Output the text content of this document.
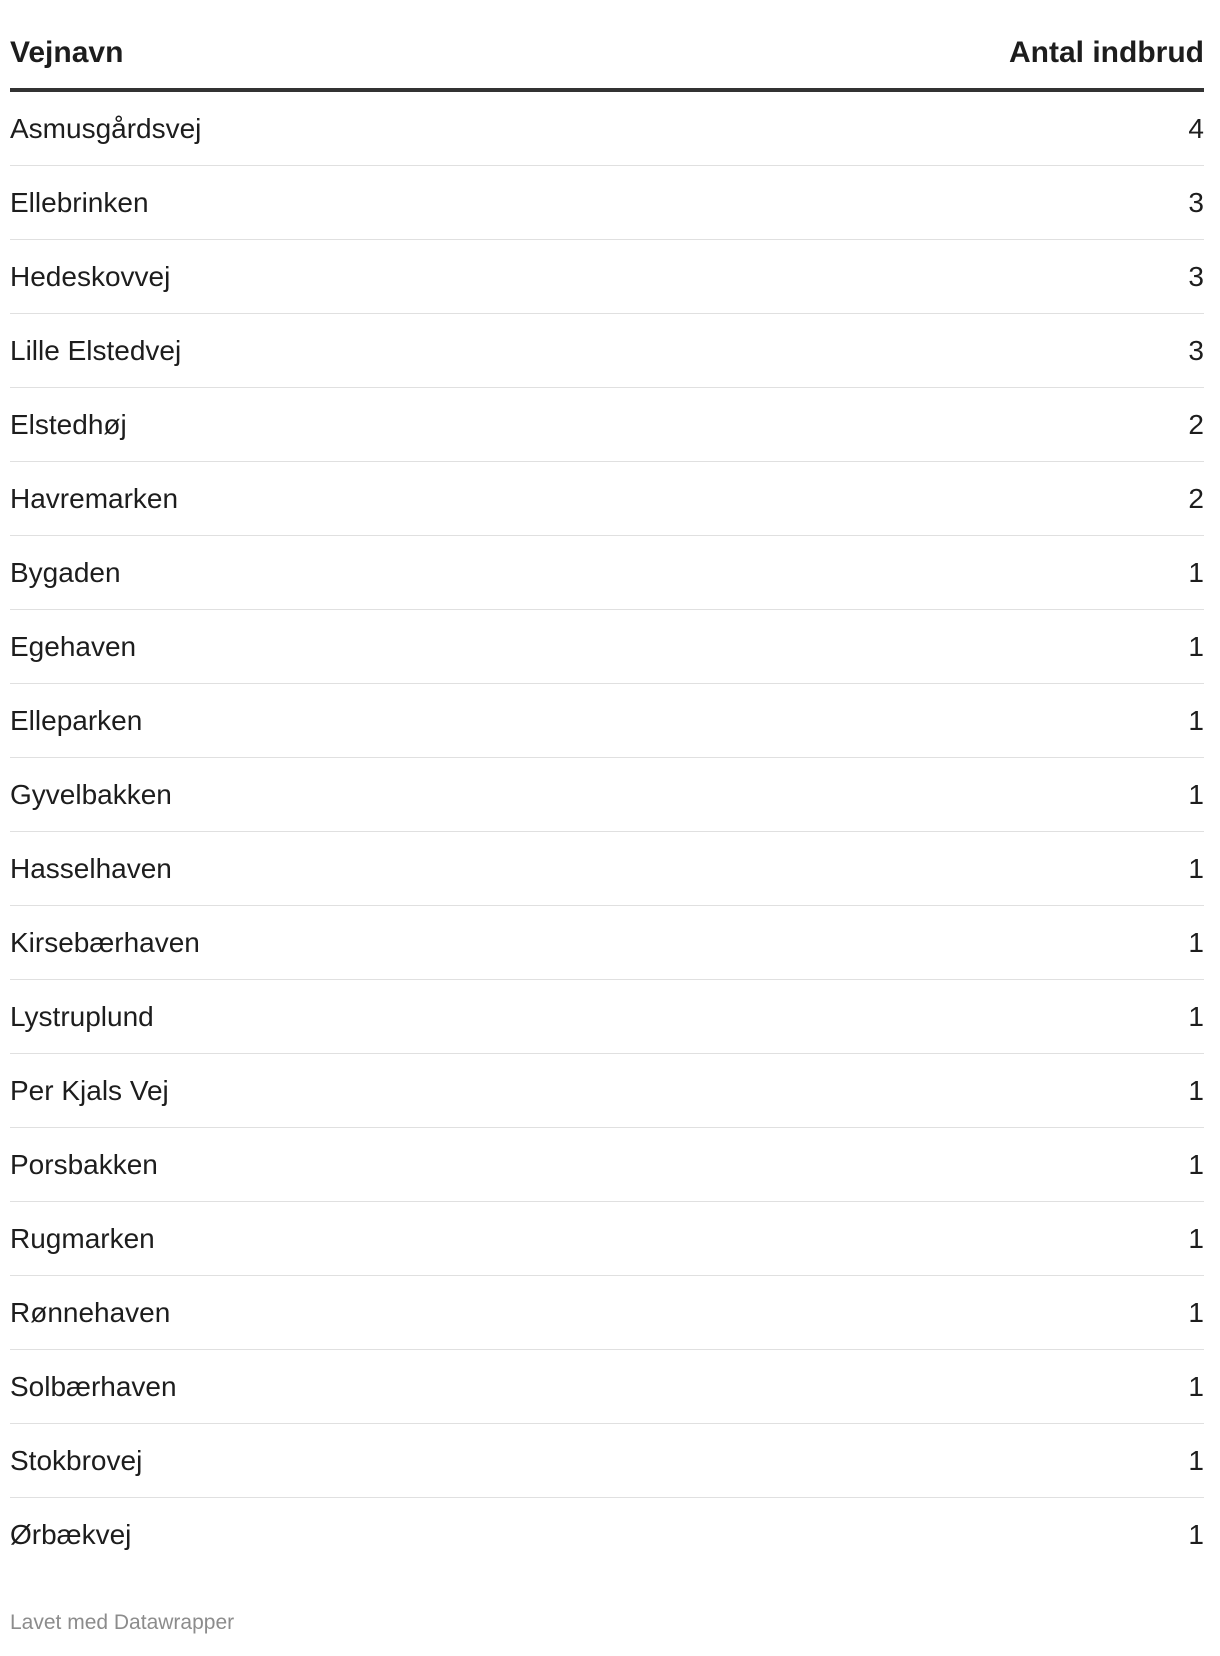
Vejnavn	Antal indbrud
Asmusgårdsvej	4
Ellebrinken	3
Hedeskovvej	3
Lille Elstedvej	3
Elstedhøj	2
Havremarken	2
Bygaden	1
Egehaven	1
Elleparken	1
Gyvelbakken	1
Hasselhaven	1
Kirsebærhaven	1
Lystruplund	1
Per Kjals Vej	1
Porsbakken	1
Rugmarken	1
Rønnehaven	1
Solbærhaven	1
Stokbrovej	1
Ørbækvej	1
Lavet med Datawrapper
